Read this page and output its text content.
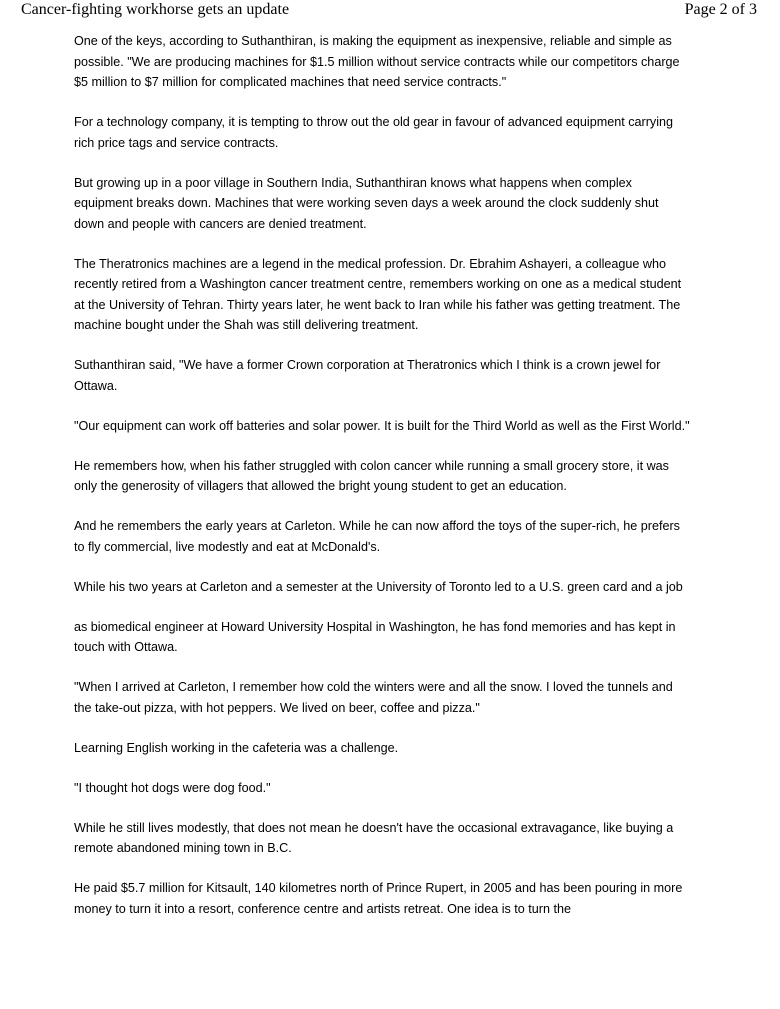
Cancer-fighting workhorse gets an update	Page 2 of 3

One of the keys, according to Suthanthiran, is making the equipment as inexpensive, reliable and simple as possible. "We are producing machines for $1.5 million without service contracts while our competitors charge $5 million to $7 million for complicated machines that need service contracts."

For a technology company, it is tempting to throw out the old gear in favour of advanced equipment carrying rich price tags and service contracts.

But growing up in a poor village in Southern India, Suthanthiran knows what happens when complex equipment breaks down. Machines that were working seven days a week around the clock suddenly shut down and people with cancers are denied treatment.

The Theratronics machines are a legend in the medical profession. Dr. Ebrahim Ashayeri, a colleague who recently retired from a Washington cancer treatment centre, remembers working on one as a medical student at the University of Tehran. Thirty years later, he went back to Iran while his father was getting treatment. The machine bought under the Shah was still delivering treatment.

Suthanthiran said, "We have a former Crown corporation at Theratronics which I think is a crown jewel for Ottawa.

"Our equipment can work off batteries and solar power. It is built for the Third World as well as the First World."

He remembers how, when his father struggled with colon cancer while running a small grocery store, it was only the generosity of villagers that allowed the bright young student to get an education.

And he remembers the early years at Carleton. While he can now afford the toys of the super-rich, he prefers to fly commercial, live modestly and eat at McDonald's.

While his two years at Carleton and a semester at the University of Toronto led to a U.S. green card and a job

as biomedical engineer at Howard University Hospital in Washington, he has fond memories and has kept in touch with Ottawa.

"When I arrived at Carleton, I remember how cold the winters were and all the snow. I loved the tunnels and the take-out pizza, with hot peppers. We lived on beer, coffee and pizza."

Learning English working in the cafeteria was a challenge.

"I thought hot dogs were dog food."

While he still lives modestly, that does not mean he doesn't have the occasional extravagance, like buying a remote abandoned mining town in B.C.

He paid $5.7 million for Kitsault, 140 kilometres north of Prince Rupert, in 2005 and has been pouring in more money to turn it into a resort, conference centre and artists retreat. One idea is to turn the
